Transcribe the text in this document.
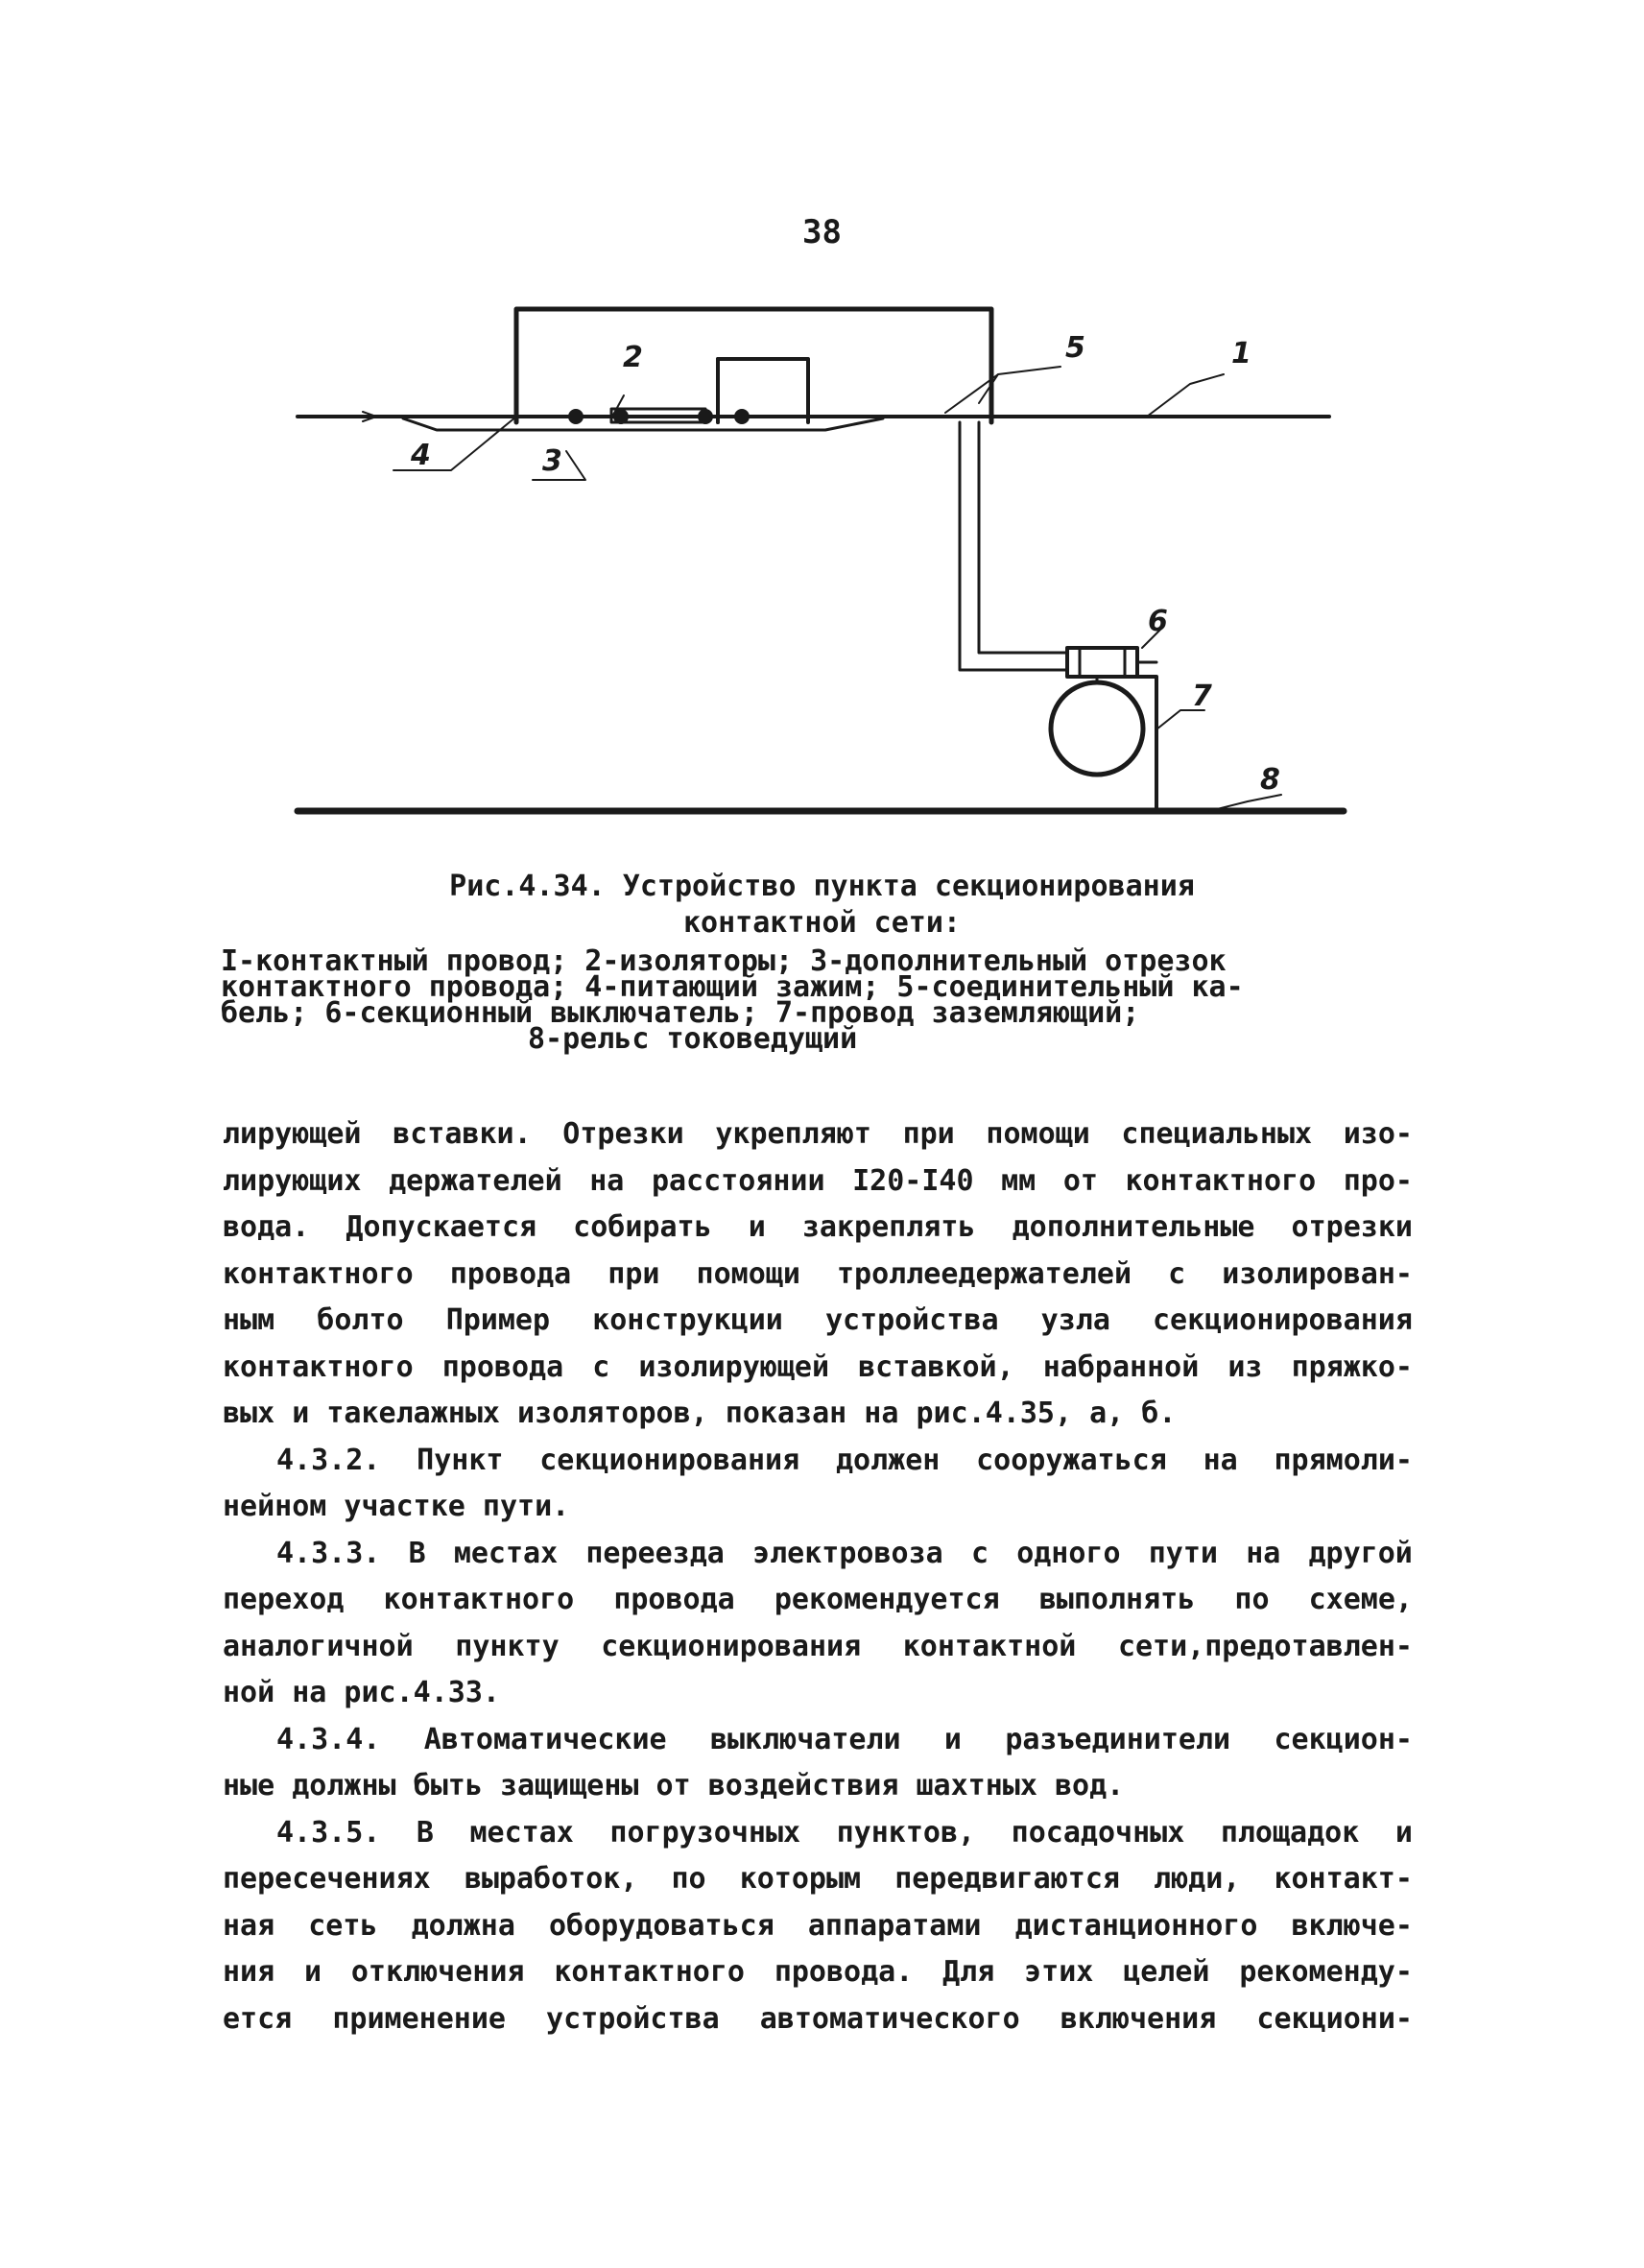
38
1
2
3
4
5
6
7
8
Рис.4.34. Устройство пункта секционирования
контактной сети:
I-контактный провод; 2-изоляторы; 3-дополнительный отрезок
контактного провода; 4-питающий зажим; 5-соединительный ка-
бель; 6-секционный выключатель; 7-провод заземляющий;
8-рельс токоведущий
лирующей вставки. Отрезки укрепляют при помощи специальных изо-
лирующих держателей на расстоянии I20-I40 мм от контактного про-
вода. Допускается собирать и закреплять дополнительные отрезки
контактного провода при помощи троллеедержателей с изолирован-
ным болто Пример конструкции устройства узла секционирования
контактного провода с изолирующей вставкой, набранной из пряжко-
вых и такелажных изоляторов, показан на рис.4.35, а, б.
4.3.2. Пункт секционирования должен сооружаться на прямоли-
нейном участке пути.
4.3.3. В местах переезда электровоза с одного пути на другой
переход контактного провода рекомендуется выполнять по схеме,
аналогичной пункту секционирования контактной сети,предотавлен-
ной на рис.4.33.
4.3.4. Автоматические выключатели и разъединители секцион-
ные должны быть защищены от воздействия шахтных вод.
4.3.5. В местах погрузочных пунктов, посадочных площадок и
пересечениях выработок, по которым передвигаются люди, контакт-
ная сеть должна оборудоваться аппаратами дистанционного включе-
ния и отключения контактного провода. Для этих целей рекоменду-
ется применение устройства автоматического включения секциони-
